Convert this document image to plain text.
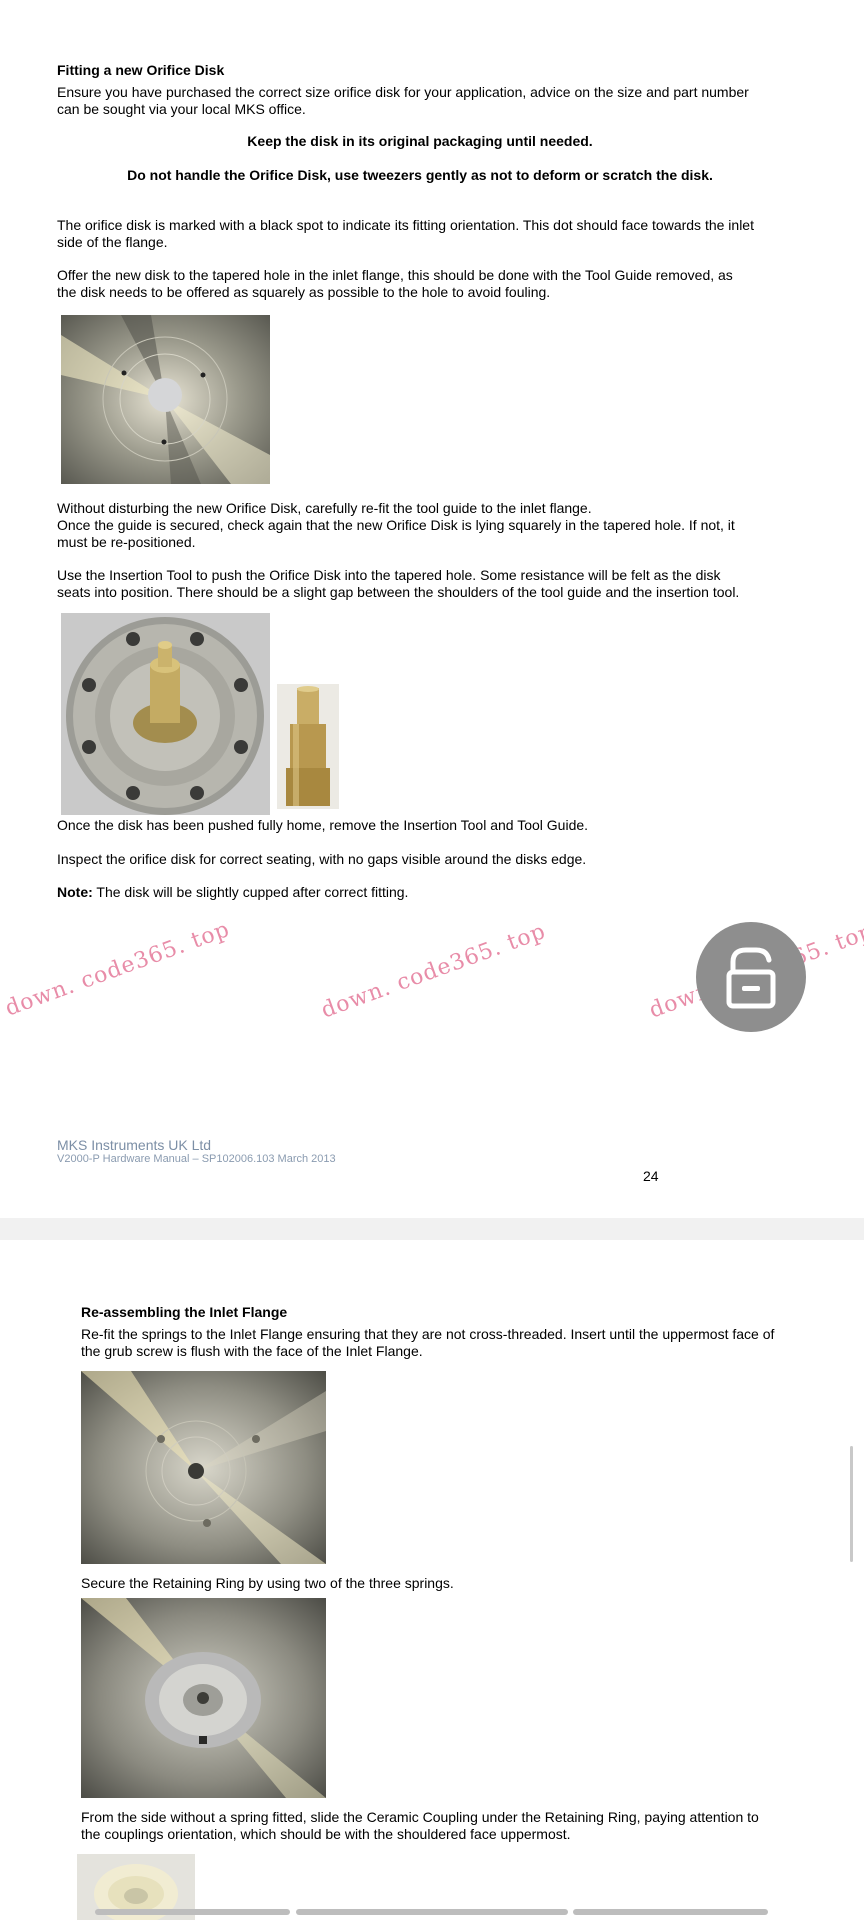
Fitting a new Orifice Disk
Ensure you have purchased the correct size orifice disk for your application, advice on the size and part number
can be sought via your local MKS office.
Keep the disk in its original packaging until needed.
Do not handle the Orifice Disk, use tweezers gently as not to deform or scratch the disk.
The orifice disk is marked with a black spot to indicate its fitting orientation. This dot should face towards the inlet
side of the flange.
Offer the new disk to the tapered hole in the inlet flange, this should be done with the Tool Guide removed, as
the disk needs to be offered as squarely as possible to the hole to avoid fouling.
Without disturbing the new Orifice Disk, carefully re-fit the tool guide to the inlet flange.
Once the guide is secured, check again that the new Orifice Disk is lying squarely in the tapered hole. If not, it
must be re-positioned.
Use the Insertion Tool to push the Orifice Disk into the tapered hole. Some resistance will be felt as the disk
seats into position. There should be a slight gap between the shoulders of the tool guide and the insertion tool.
Once the disk has been pushed fully home, remove the Insertion Tool and Tool Guide.
Inspect the orifice disk for correct seating, with no gaps visible around the disks edge.
Note: The disk will be slightly cupped after correct fitting.
MKS Instruments UK Ltd
V2000-P Hardware Manual – SP102006.103 March 2013
24
Re-assembling the Inlet Flange
Re-fit the springs to the Inlet Flange ensuring that they are not cross-threaded. Insert until the uppermost face of
the grub screw is flush with the face of the Inlet Flange.
Secure the Retaining Ring by using two of the three springs.
From the side without a spring fitted, slide the Ceramic Coupling under the Retaining Ring, paying attention to
the couplings orientation, which should be with the shouldered face uppermost.
down. code365. top	down. code365. top	down. top
